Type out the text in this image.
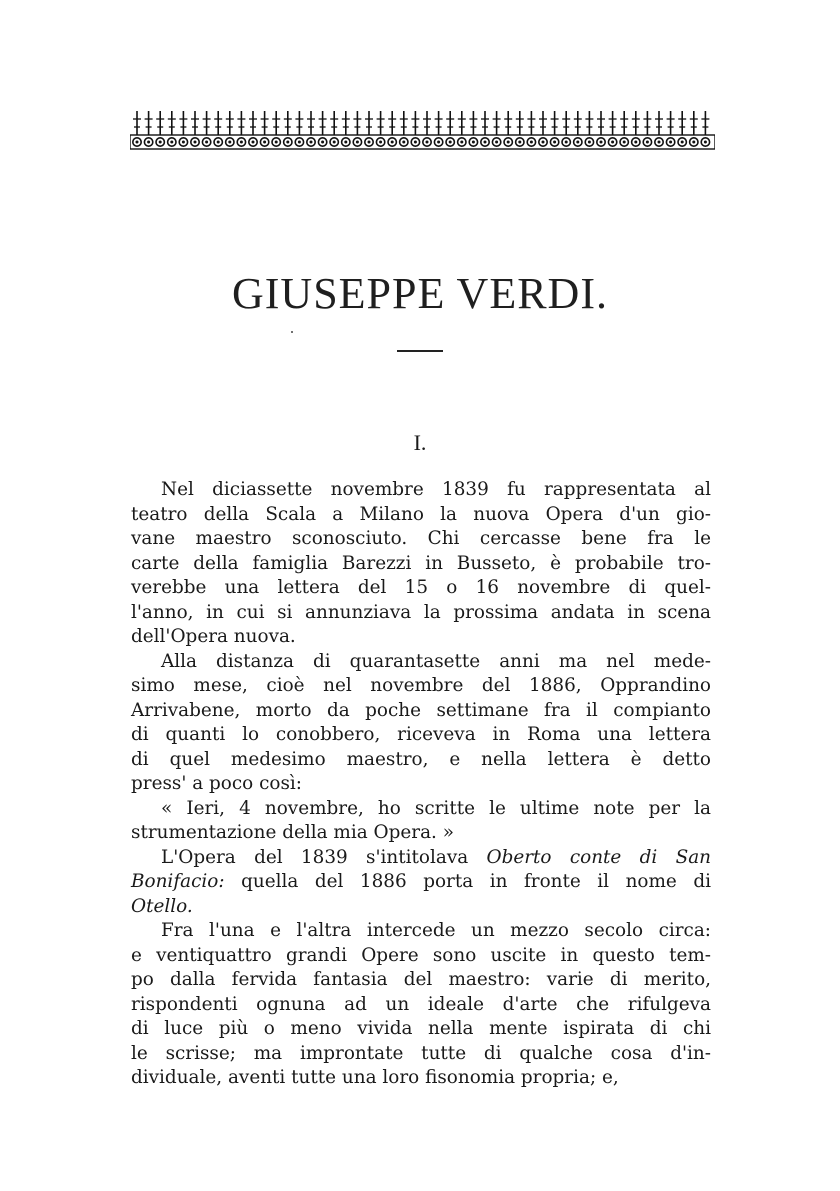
GIUSEPPE VERDI.
I.
Nel diciassette novembre 1839 fu rappresentata al
teatro della Scala a Milano la nuova Opera d'un gio-
vane maestro sconosciuto. Chi cercasse bene fra le
carte della famiglia Barezzi in Busseto, è probabile tro-
verebbe una lettera del 15 o 16 novembre di quel-
l'anno, in cui si annunziava la prossima andata in scena
dell'Opera nuova.
Alla distanza di quarantasette anni ma nel mede-
simo mese, cioè nel novembre del 1886, Opprandino
Arrivabene, morto da poche settimane fra il compianto
di quanti lo conobbero, riceveva in Roma una lettera
di quel medesimo maestro, e nella lettera è detto
press' a poco così:
« Ieri, 4 novembre, ho scritte le ultime note per la
strumentazione della mia Opera. »
L'Opera del 1839 s'intitolava Oberto conte di San
Bonifacio: quella del 1886 porta in fronte il nome di
Otello.
Fra l'una e l'altra intercede un mezzo secolo circa:
e ventiquattro grandi Opere sono uscite in questo tem-
po dalla fervida fantasia del maestro: varie di merito,
rispondenti ognuna ad un ideale d'arte che rifulgeva
di luce più o meno vivida nella mente ispirata di chi
le scrisse; ma improntate tutte di qualche cosa d'in-
dividuale, aventi tutte una loro fisonomia propria; e,
